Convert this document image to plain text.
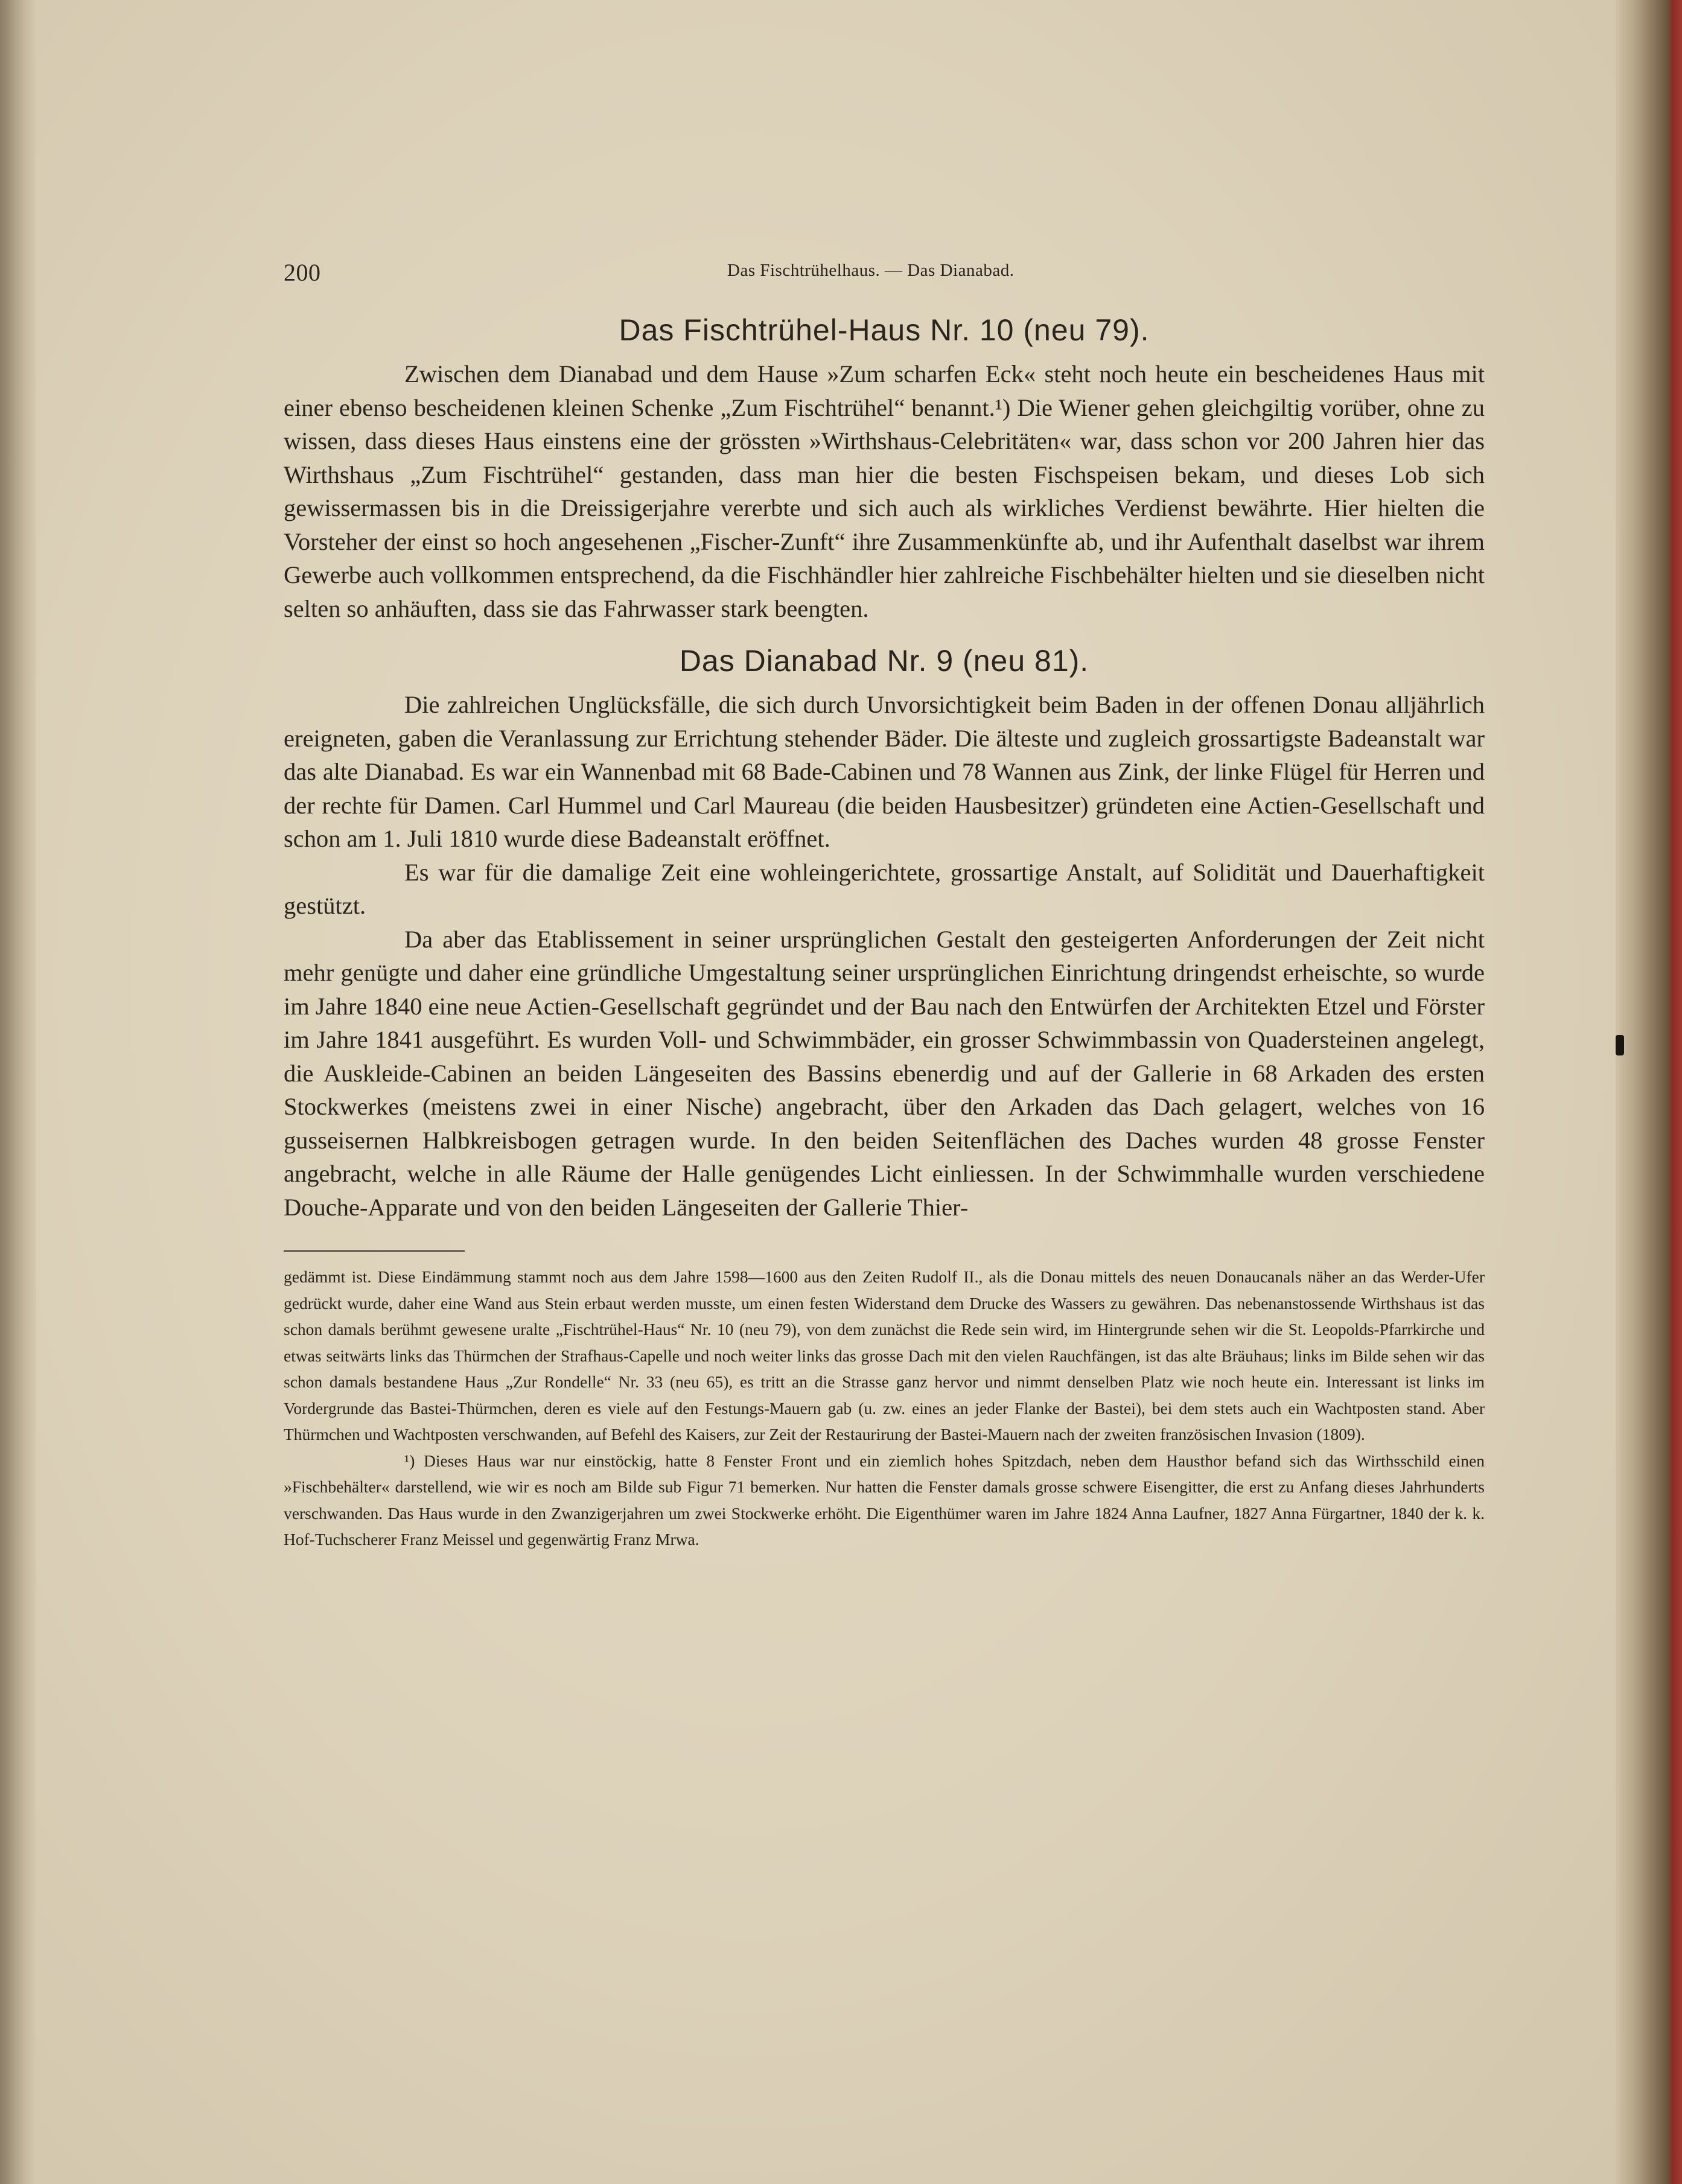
200	Das Fischtrühelhaus. — Das Dianabad.
Das Fischtrühel-Haus Nr. 10 (neu 79).

Zwischen dem Dianabad und dem Hause »Zum scharfen Eck« steht noch heute ein bescheidenes Haus mit einer ebenso bescheidenen kleinen Schenke „Zum Fischtrühel“ benannt.¹) Die Wiener gehen gleichgiltig vorüber, ohne zu wissen, dass dieses Haus einstens eine der grössten »Wirthshaus-Celebritäten« war, dass schon vor 200 Jahren hier das Wirthshaus „Zum Fischtrühel“ gestanden, dass man hier die besten Fischspeisen bekam, und dieses Lob sich gewissermassen bis in die Dreissigerjahre vererbte und sich auch als wirkliches Verdienst bewährte. Hier hielten die Vorsteher der einst so hoch angesehenen „Fischer-Zunft“ ihre Zusammenkünfte ab, und ihr Aufenthalt daselbst war ihrem Gewerbe auch vollkommen entsprechend, da die Fischhändler hier zahlreiche Fischbehälter hielten und sie dieselben nicht selten so anhäuften, dass sie das Fahrwasser stark beengten.

Das Dianabad Nr. 9 (neu 81).

Die zahlreichen Unglücksfälle, die sich durch Unvorsichtigkeit beim Baden in der offenen Donau alljährlich ereigneten, gaben die Veranlassung zur Errichtung stehender Bäder. Die älteste und zugleich grossartigste Badeanstalt war das alte Dianabad. Es war ein Wannenbad mit 68 Bade-Cabinen und 78 Wannen aus Zink, der linke Flügel für Herren und der rechte für Damen. Carl Hummel und Carl Maureau (die beiden Hausbesitzer) gründeten eine Actien-Gesellschaft und schon am 1. Juli 1810 wurde diese Badeanstalt eröffnet.

Es war für die damalige Zeit eine wohleingerichtete, grossartige Anstalt, auf Solidität und Dauerhaftigkeit gestützt.

Da aber das Etablissement in seiner ursprünglichen Gestalt den gesteigerten Anforderungen der Zeit nicht mehr genügte und daher eine gründliche Umgestaltung seiner ursprünglichen Einrichtung dringendst erheischte, so wurde im Jahre 1840 eine neue Actien-Gesellschaft gegründet und der Bau nach den Entwürfen der Architekten Etzel und Förster im Jahre 1841 ausgeführt. Es wurden Voll- und Schwimmbäder, ein grosser Schwimmbassin von Quadersteinen angelegt, die Auskleide-Cabinen an beiden Längeseiten des Bassins ebenerdig und auf der Gallerie in 68 Arkaden des ersten Stockwerkes (meistens zwei in einer Nische) angebracht, über den Arkaden das Dach gelagert, welches von 16 gusseisernen Halbkreisbogen getragen wurde. In den beiden Seitenflächen des Daches wurden 48 grosse Fenster angebracht, welche in alle Räume der Halle genügendes Licht einliessen. In der Schwimmhalle wurden verschiedene Douche-Apparate und von den beiden Längeseiten der Gallerie Thier-

gedämmt ist. Diese Eindämmung stammt noch aus dem Jahre 1598—1600 aus den Zeiten Rudolf II., als die Donau mittels des neuen Donaucanals näher an das Werder-Ufer gedrückt wurde, daher eine Wand aus Stein erbaut werden musste, um einen festen Widerstand dem Drucke des Wassers zu gewähren. Das nebenanstossende Wirthshaus ist das schon damals berühmt gewesene uralte „Fischtrühel-Haus“ Nr. 10 (neu 79), von dem zunächst die Rede sein wird, im Hintergrunde sehen wir die St. Leopolds-Pfarrkirche und etwas seitwärts links das Thürmchen der Strafhaus-Capelle und noch weiter links das grosse Dach mit den vielen Rauchfängen, ist das alte Bräuhaus; links im Bilde sehen wir das schon damals bestandene Haus „Zur Rondelle“ Nr. 33 (neu 65), es tritt an die Strasse ganz hervor und nimmt denselben Platz wie noch heute ein. Interessant ist links im Vordergrunde das Bastei-Thürmchen, deren es viele auf den Festungs-Mauern gab (u. zw. eines an jeder Flanke der Bastei), bei dem stets auch ein Wachtposten stand. Aber Thürmchen und Wachtposten verschwanden, auf Befehl des Kaisers, zur Zeit der Restaurirung der Bastei-Mauern nach der zweiten französischen Invasion (1809).

¹) Dieses Haus war nur einstöckig, hatte 8 Fenster Front und ein ziemlich hohes Spitzdach, neben dem Hausthor befand sich das Wirthsschild einen »Fischbehälter« darstellend, wie wir es noch am Bilde sub Figur 71 bemerken. Nur hatten die Fenster damals grosse schwere Eisengitter, die erst zu Anfang dieses Jahrhunderts verschwanden. Das Haus wurde in den Zwanzigerjahren um zwei Stockwerke erhöht. Die Eigenthümer waren im Jahre 1824 Anna Laufner, 1827 Anna Fürgartner, 1840 der k. k. Hof-Tuchscherer Franz Meissel und gegenwärtig Franz Mrwa.
